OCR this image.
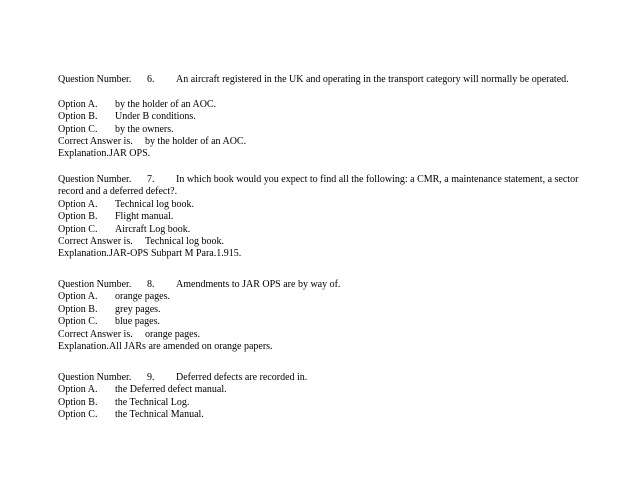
Question Number. 6. An aircraft registered in the UK and operating in the transport category will normally be operated.
Option A. by the holder of an AOC.
Option B. Under B conditions.
Option C. by the owners.
Correct Answer is. by the holder of an AOC.
Explanation.JAR OPS.
Question Number. 7. In which book would you expect to find all the following: a CMR, a maintenance statement, a sector
record and a deferred defect?.
Option A. Technical log book.
Option B. Flight manual.
Option C. Aircraft Log book.
Correct Answer is. Technical log book.
Explanation.JAR-OPS Subpart M Para.1.915.
Question Number. 8. Amendments to JAR OPS are by way of.
Option A. orange pages.
Option B. grey pages.
Option C. blue pages.
Correct Answer is. orange pages.
Explanation.All JARs are amended on orange papers.
Question Number. 9. Deferred defects are recorded in.
Option A. the Deferred defect manual.
Option B. the Technical Log.
Option C. the Technical Manual.
